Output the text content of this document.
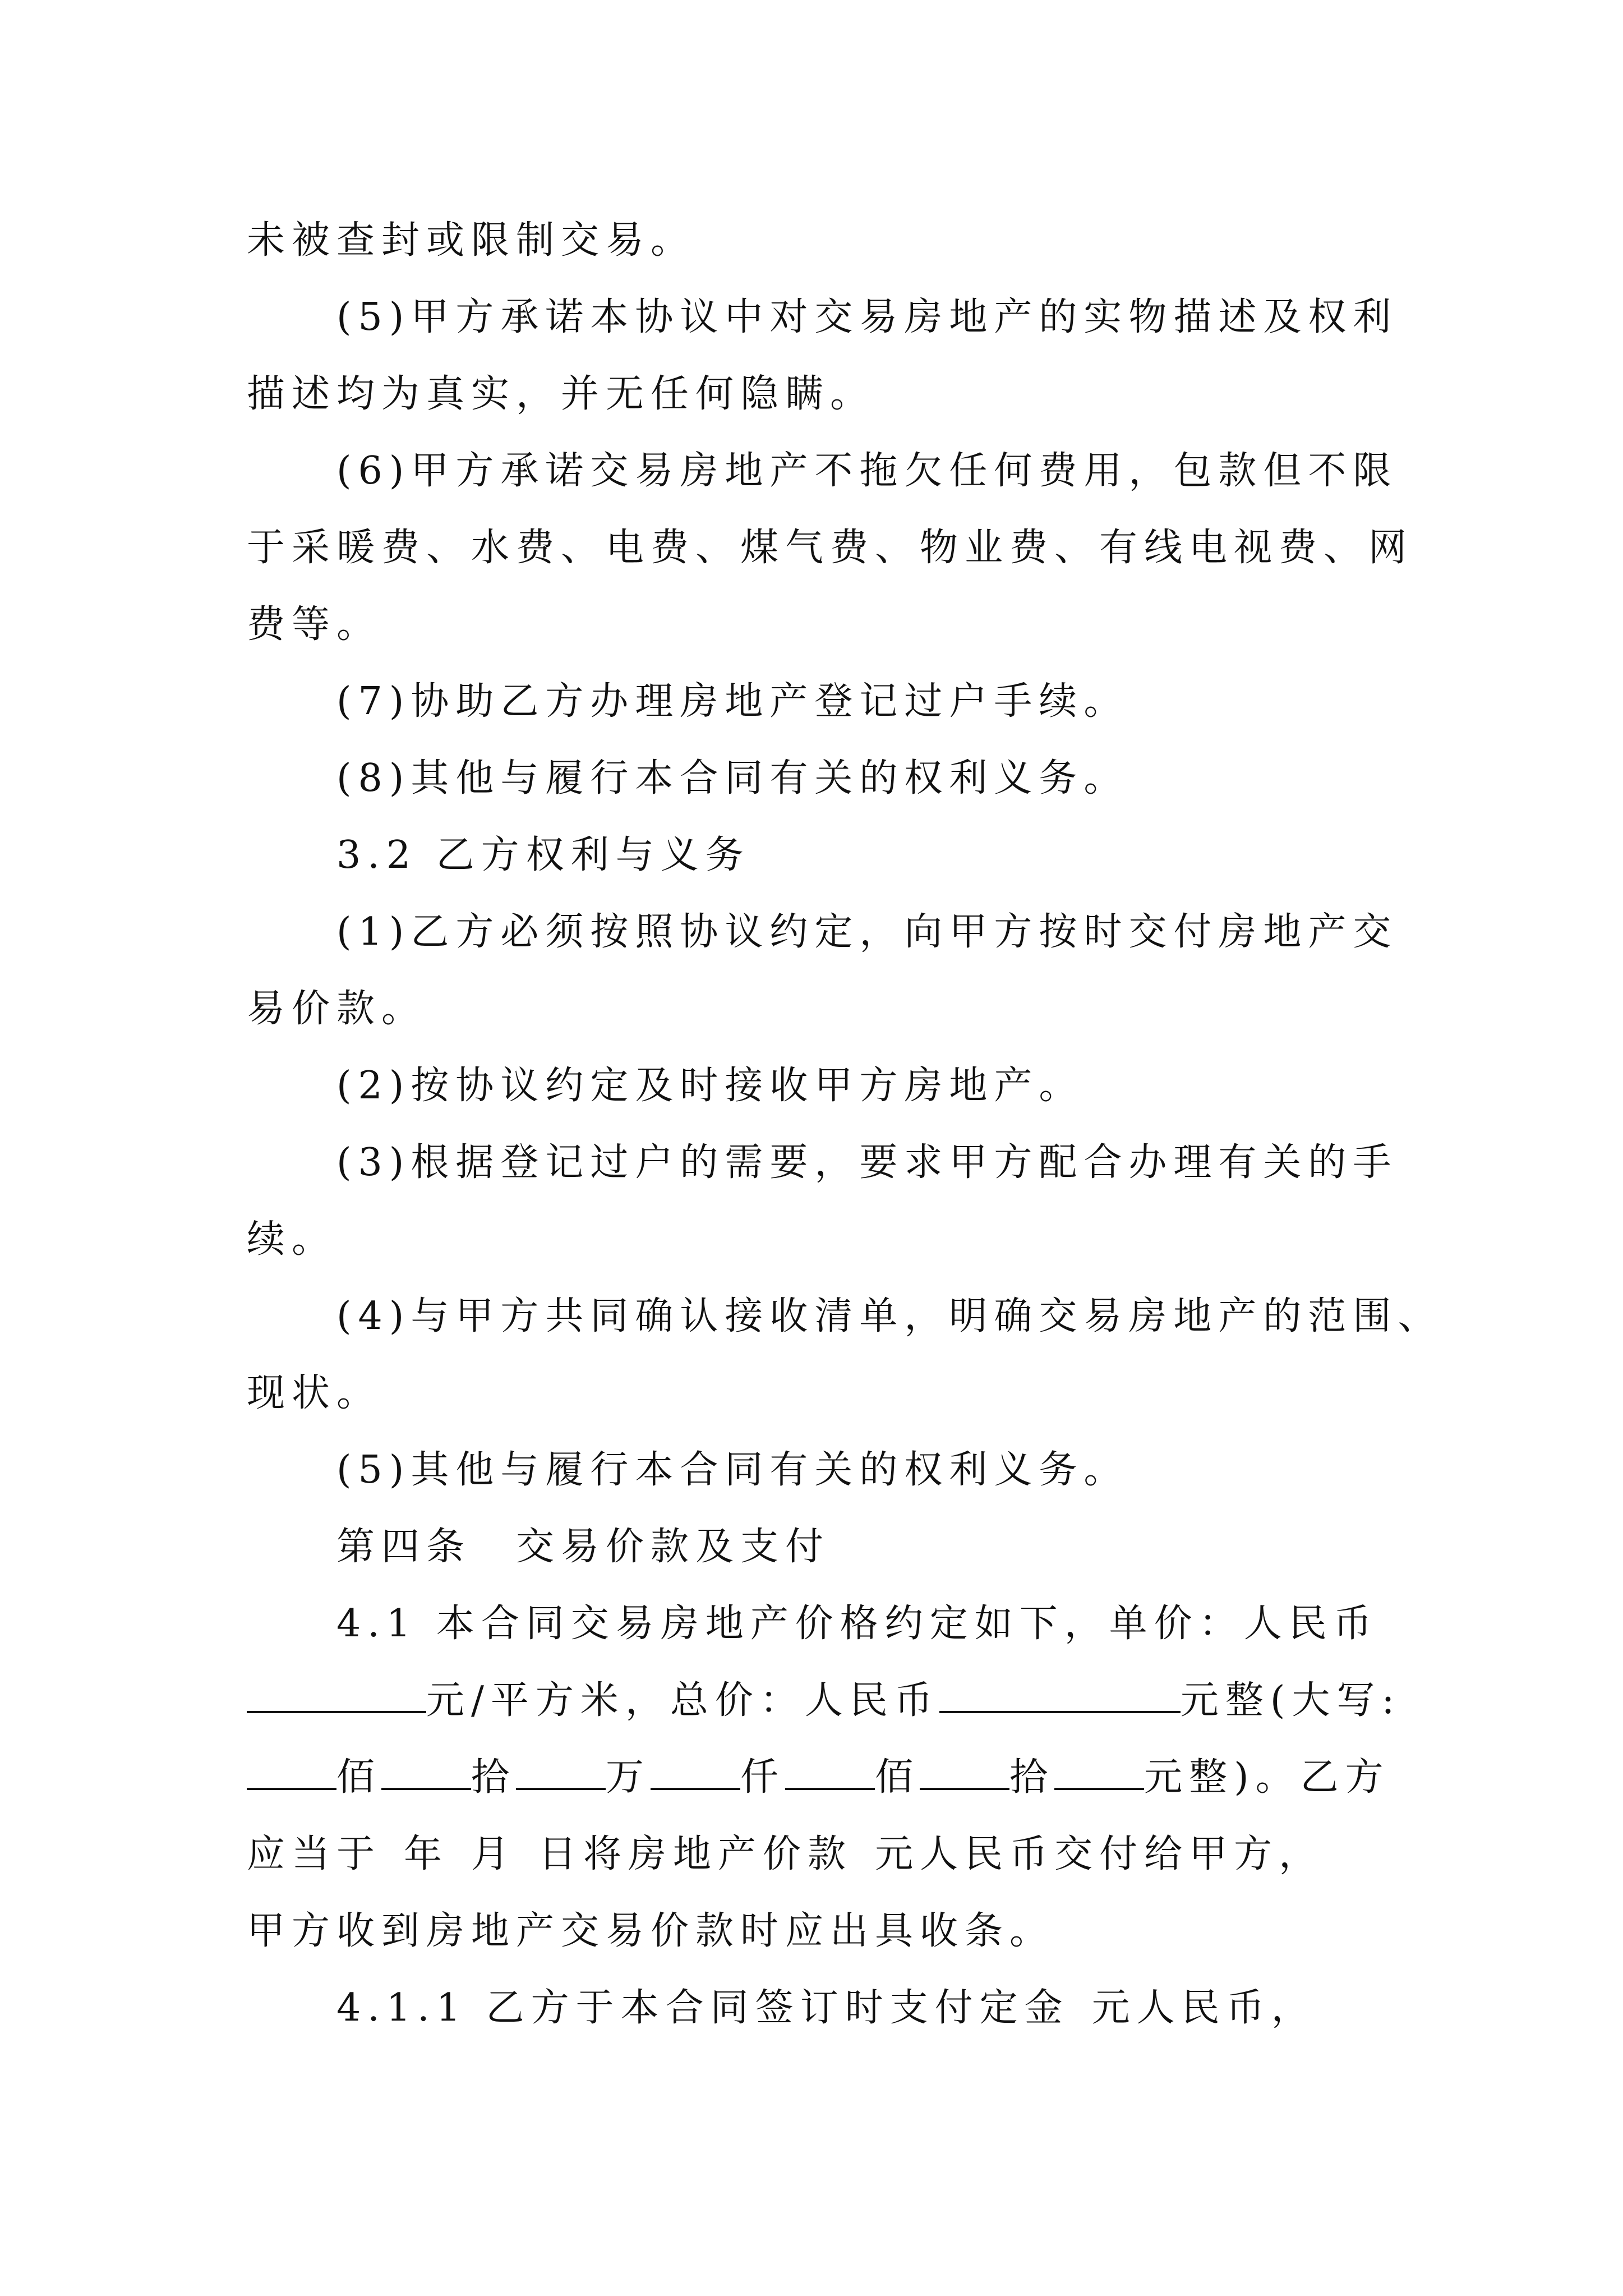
未被查封或限制交易。
(5)甲方承诺本协议中对交易房地产的实物描述及权利
描述均为真实，并无任何隐瞒。
(6)甲方承诺交易房地产不拖欠任何费用，包款但不限
于采暖费、水费、电费、煤气费、物业费、有线电视费、网
费等。
(7)协助乙方办理房地产登记过户手续。
(8)其他与履行本合同有关的权利义务。
3.2 乙方权利与义务
(1)乙方必须按照协议约定，向甲方按时交付房地产交
易价款。
(2)按协议约定及时接收甲方房地产。
(3)根据登记过户的需要，要求甲方配合办理有关的手
续。
(4)与甲方共同确认接收清单，明确交易房地产的范围、
现状。
(5)其他与履行本合同有关的权利义务。
第四条　交易价款及支付
4.1 本合同交易房地产价格约定如下，单价：人民币
元/平方米，总价：人民币	元整(大写:
佰 拾 万 仟 佰 拾 元整)。乙方
应当于 年 月 日将房地产价款 元人民币交付给甲方，
甲方收到房地产交易价款时应出具收条。
4.1.1 乙方于本合同签订时支付定金 元人民币，
